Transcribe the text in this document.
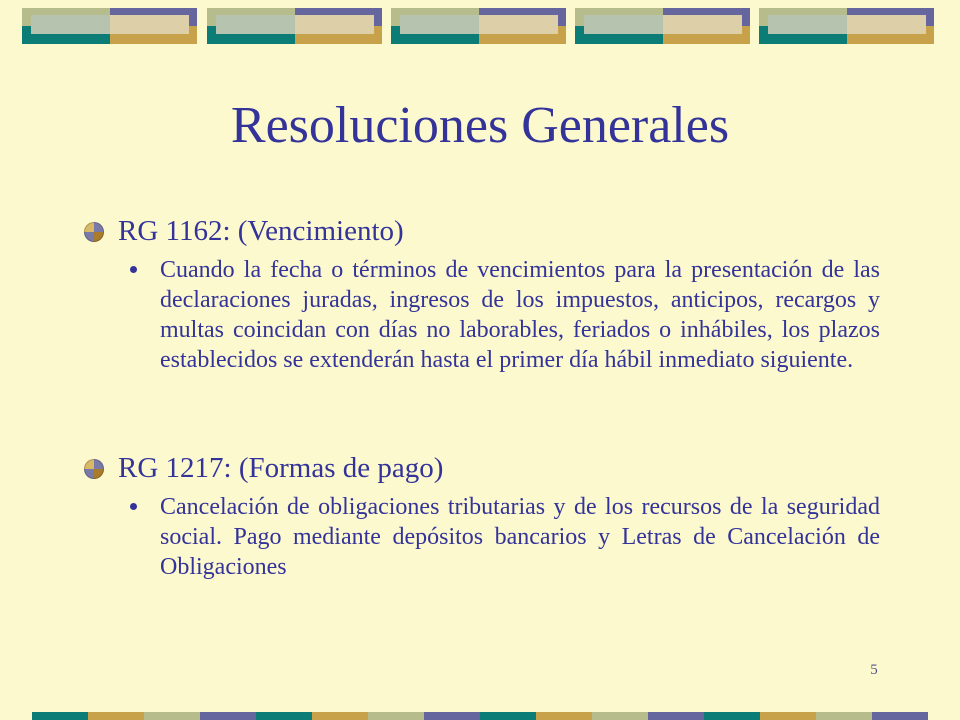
Resoluciones Generales
RG 1162: (Vencimiento)

Cuando la fecha o términos de vencimientos para la presentación de las declaraciones juradas, ingresos de los impuestos, anticipos, recargos y multas coincidan con días no laborables, feriados o inhábiles, los plazos establecidos se extenderán hasta el primer día hábil inmediato siguiente.

RG 1217: (Formas de pago)

Cancelación de obligaciones tributarias y de los recursos de la seguridad social. Pago mediante depósitos bancarios y Letras de Cancelación de Obligaciones

5
